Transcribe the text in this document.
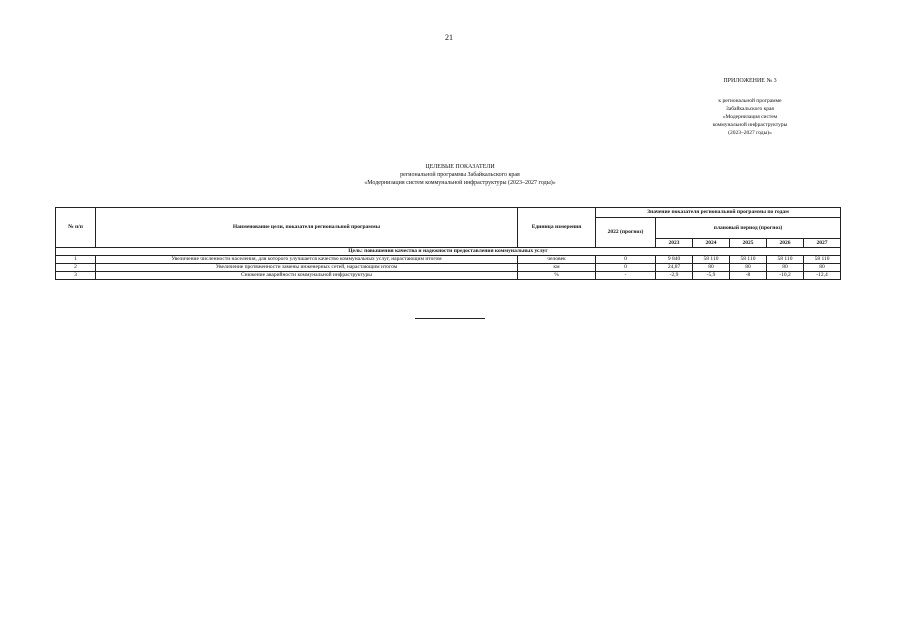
21
ПРИЛОЖЕНИЕ № 3
к региональной программе
Забайкальского края
«Модернизация систем
коммунальной инфраструктуры
(2023–2027 годы)»
ЦЕЛЕВЫЕ ПОКАЗАТЕЛИ
региональной программы Забайкальского края
«Модернизация систем коммунальной инфраструктуры (2023–2027 годы)»
№ п/п	Наименование цели, показателя региональной программы	Единица измерения	Значение показателя региональной программы по годам					
			2022 (прогноз)	плановый период (прогноз)				
				2023	2024	2025	2026	2027
Цель: повышения качества и надежности предоставления коммунальных услуг								
1	Увеличение численности населения, для которого улучшается качество коммунальных услуг, нарастающим итогом	человек	0	9 840	58 110	58 110	58 110	58 110
2	Увеличение протяженности замены инженерных сетей, нарастающим итогом	км	0	24,87	80	80	80	80
3	Снижение аварийности коммунальной инфраструктуры	%	-	-2,9	-5,9	-8	-10,2	-12,4
